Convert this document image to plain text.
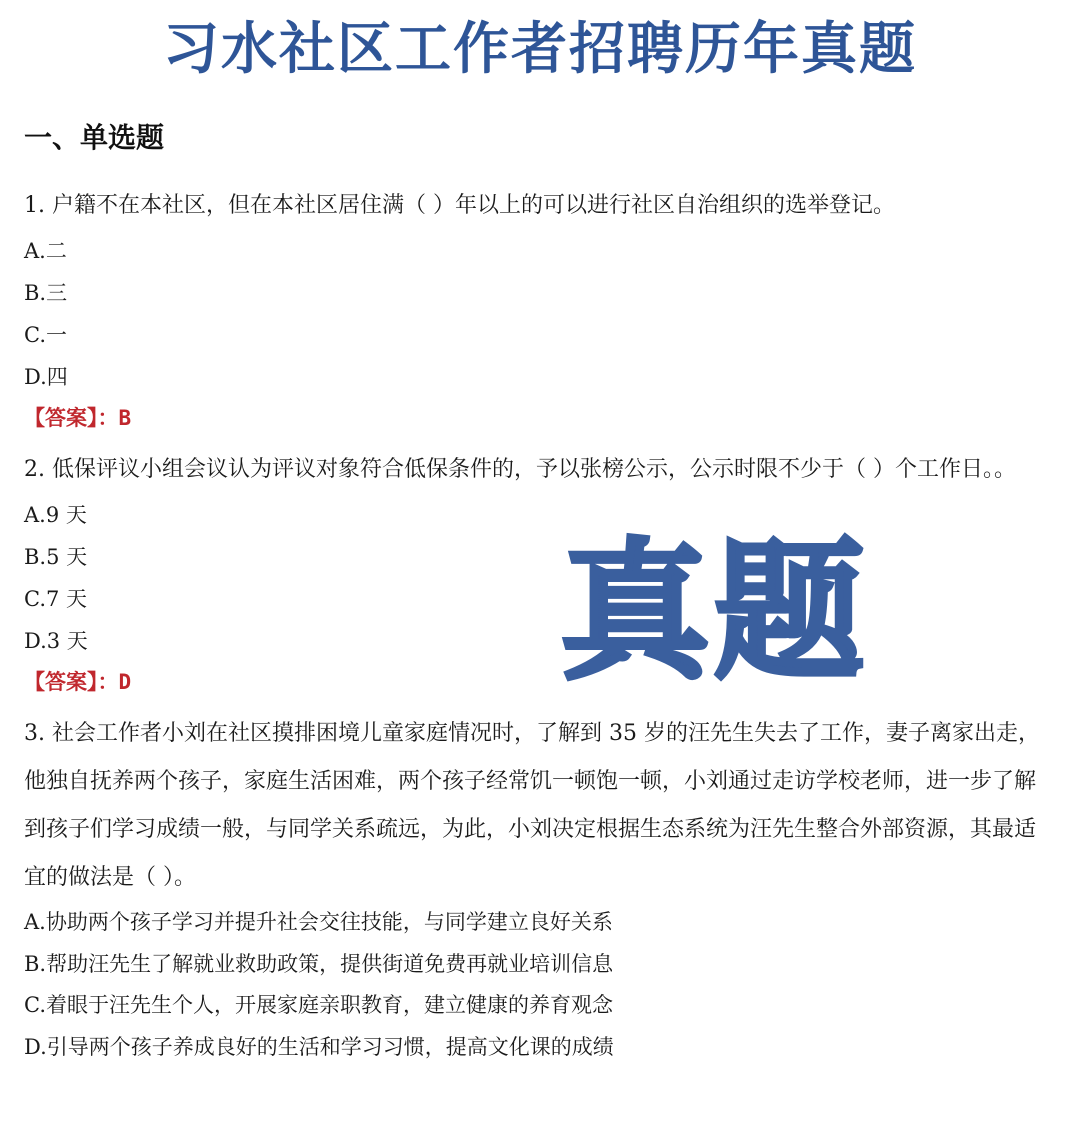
习水社区工作者招聘历年真题
一、单选题

1. 户籍不在本社区，但在本社区居住满（ ）年以上的可以进行社区自治组织的选举登记。

A.二

B.三

C.一

D.四

【答案】：B

2. 低保评议小组会议认为评议对象符合低保条件的，予以张榜公示，公示时限不少于（ ）个工作日。。

A.9 天

B.5 天

C.7 天

D.3 天

【答案】：D

3. 社会工作者小刘在社区摸排困境儿童家庭情况时，了解到 35 岁的汪先生失去了工作，妻子离家出走，他独自抚养两个孩子，家庭生活困难，两个孩子经常饥一顿饱一顿，小刘通过走访学校老师，进一步了解到孩子们学习成绩一般，与同学关系疏远，为此，小刘决定根据生态系统为汪先生整合外部资源，其最适宜的做法是（ ）。

A.协助两个孩子学习并提升社会交往技能，与同学建立良好关系

B.帮助汪先生了解就业救助政策，提供街道免费再就业培训信息

C.着眼于汪先生个人，开展家庭亲职教育，建立健康的养育观念

D.引导两个孩子养成良好的生活和学习习惯，提高文化课的成绩

真题
